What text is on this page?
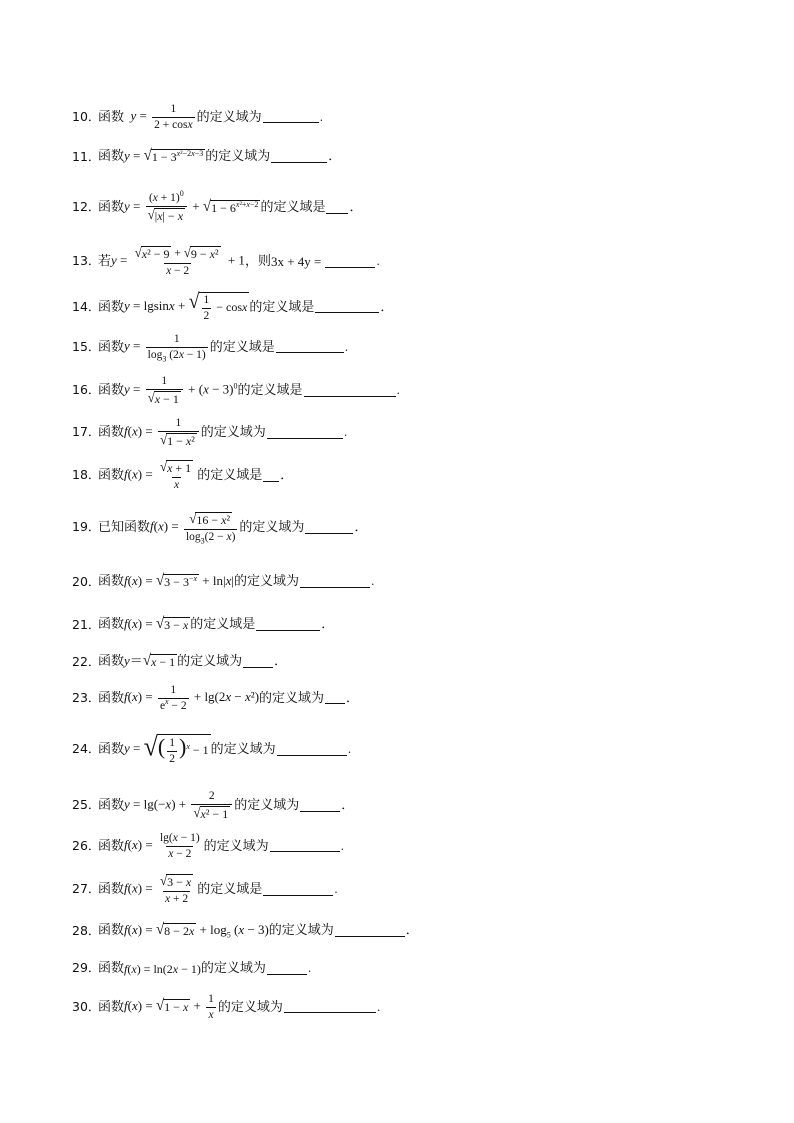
10．
函数 $y = \frac{1}{2 + \cos x}$ 的定义域为	.
11．
函数 y = √ $1 - 3^{x^2-2x-3}$ 的定义域为	．
12．
函数 $y = \frac{(x + 1)^0}{√ |x| - x}$ + √ $1 - 6^{x^2+x-2}$ 的定义域是 ．
13．
若 $y = \frac{\text{√ x² − 9 + √ 9 − x²}}{x - 2} + 1$ ，则 3x + 4y =	.
14．
函数 y = lgsinx + √ $\frac{1}{2} - \cos x$ 的定义域是	．
15．
函数 $y = \frac{1}{\log_3 (2x - 1)}$ 的定义域是	.
16．
函数 $y = \frac{1}{√ x - 1} + (x - 3)^0$ 的定义域是	.
17．
函数 $f(x) = \frac{1}{\text{√ 1 − x²}}$ 的定义域为	.
18．
函数 $f(x) = \frac{√ x + 1}{x}$ 的定义域是 ．
19．
已知函数 $f(x) = \frac{\text{√ 16 − x²}}{\log_3(2 - x)}$ 的定义域为	．
20．
函数 f(x) = √ $3 - 3^{-x} + \ln|x|$ 的定义域为	.
21．
函数 f(x) = √ 3 − x 的定义域是	．
22．
函数 y＝ √ x − 1 的定义域为 ．
23．
函数 $f(x) = \frac{1}{e^x - 2} + \lg(2x - x^2)$ 的定义域为 ．
24．
函数 y = √ ( $\frac{1}{2} )^x - 1$ 的定义域为	.
25．
函数 $y = \lg(-x) + \frac{2}{\text{√ x² − 1}}$ 的定义域为	．
26．
函数 $f(x) = \frac{\lg(x - 1)}{x - 2}$ 的定义域为	.
27．
函数 $f(x) = \frac{√ 3 - x}{x + 2}$ 的定义域是	.
28．
函数 f(x) = √ $8 - 2x + \log_5 (x - 3)$ 的定义域为	．
29．
函数 f(x) = ln(2x − 1) 的定义域为	.
30．
函数 f(x) = √ $1 - x + \frac{1}{x}$ 的定义域为	.
